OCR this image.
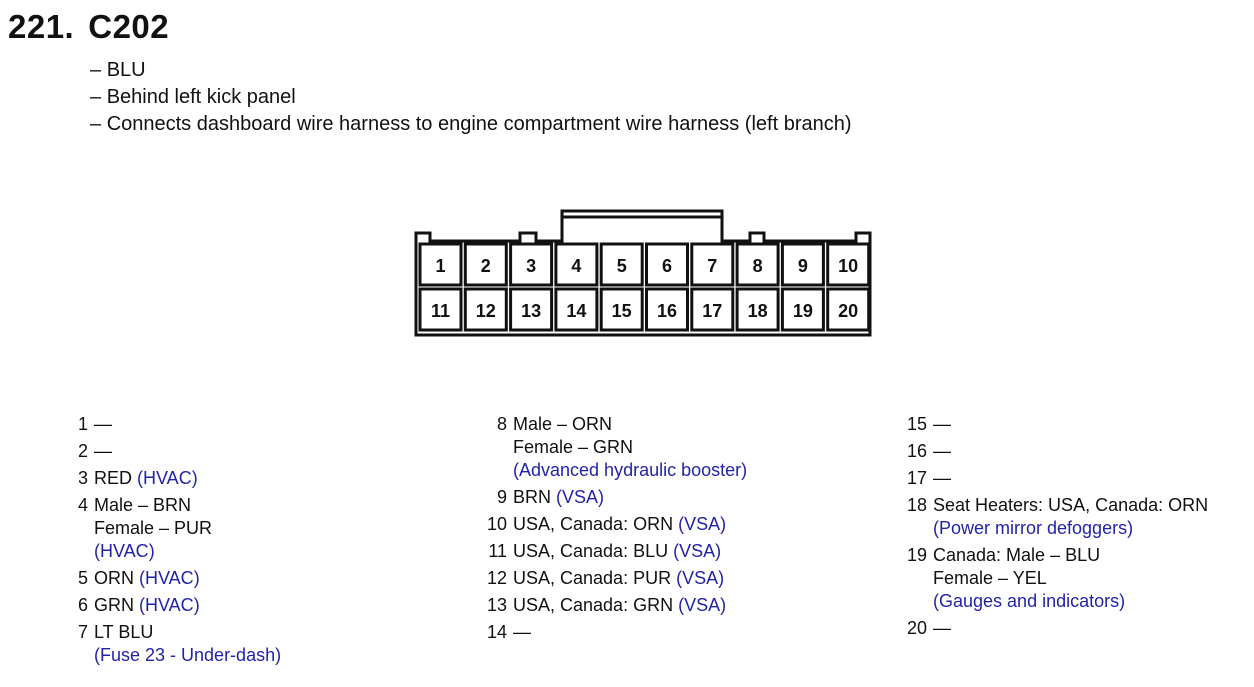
221. C202
– BLU
– Behind left kick panel
– Connects dashboard wire harness to engine compartment wire harness (left branch)
1 2 3 4 5 6 7 8 9 10
11 12 13 14 15 16 17 18 19 20
1 —
2 —
3 RED ( HVAC )
4 Male – BRN
Female – PUR
( HVAC )
5 ORN ( HVAC )
6 GRN ( HVAC )
7 LT BLU
( Fuse 23 - Under-dash )
8 Male – ORN
Female – GRN
( Advanced hydraulic booster )
9 BRN ( VSA )
10 USA, Canada: ORN ( VSA )
11 USA, Canada: BLU ( VSA )
12 USA, Canada: PUR ( VSA )
13 USA, Canada: GRN ( VSA )
14 —
15 —
16 —
17 —
18 Seat Heaters: USA, Canada: ORN
( Power mirror defoggers )
19 Canada: Male – BLU
Female – YEL
( Gauges and indicators )
20 —
